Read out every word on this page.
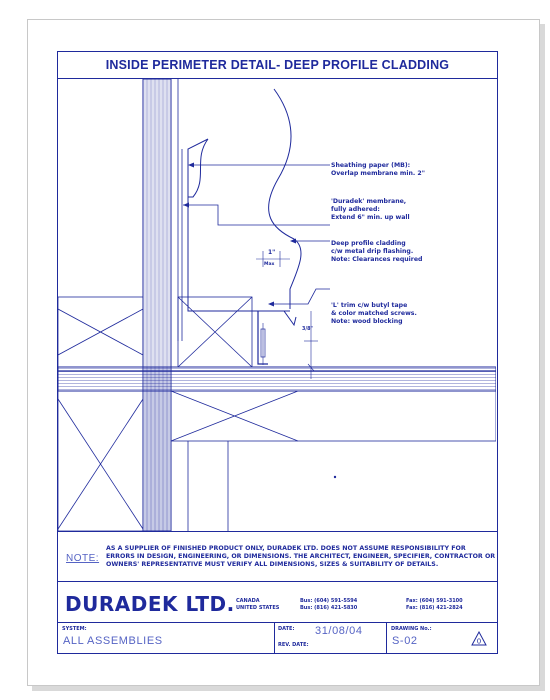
INSIDE PERIMETER DETAIL- DEEP PROFILE CLADDING
Sheathing paper (MB):
Overlap membrane min. 2"
'Duradek' membrane,
fully adhered:
Extend 6" min. up wall
Deep profile cladding
c/w metal drip flashing.
Note: Clearances required
'L' trim c/w butyl tape
& color matched screws.
Note: wood blocking
1"
Max
3/8"
NOTE:
AS A SUPPLIER OF FINISHED PRODUCT ONLY, DURADEK LTD. DOES NOT ASSUME RESPONSIBILITY FOR ERRORS IN DESIGN, ENGINEERING, OR DIMENSIONS. THE ARCHITECT, ENGINEER, SPECIFIER, CONTRACTOR OR OWNERS' REPRESENTATIVE MUST VERIFY ALL DIMENSIONS, SIZES & SUITABILITY OF DETAILS.
DURADEK LTD. CANADA
UNITED STATES
Bus: (604) 591-5594
Bus: (816) 421-5830
Fax: (604) 591-3100
Fax: (816) 421-2824
SYSTEM:
ALL ASSEMBLIES
DATE: 31/08/04
REV. DATE:
DRAWING No.:
S-02	0
